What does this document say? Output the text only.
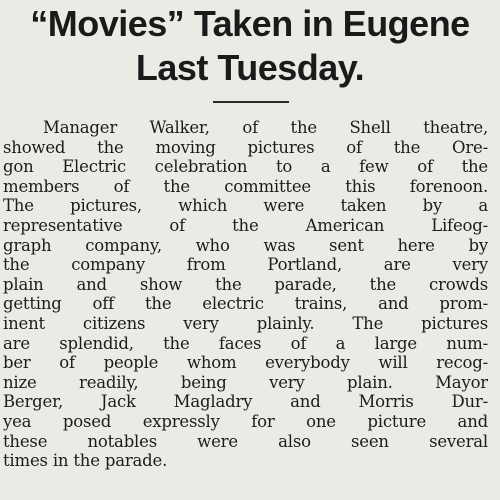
“Movies” Taken in Eugene
Last Tuesday.
Manager Walker, of the Shell theatre,
showed the moving pictures of the Ore-
gon Electric celebration to a few of the
members of the committee this forenoon.
The pictures, which were taken by a
representative of the American Lifeog-
graph company, who was sent here by
the company from Portland, are very
plain and show the parade, the crowds
getting off the electric trains, and prom-
inent citizens very plainly. The pictures
are splendid, the faces of a large num-
ber of people whom everybody will recog-
nize readily, being very plain. Mayor
Berger, Jack Magladry and Morris Dur-
yea posed expressly for one picture and
these notables were also seen several
times in the parade.
